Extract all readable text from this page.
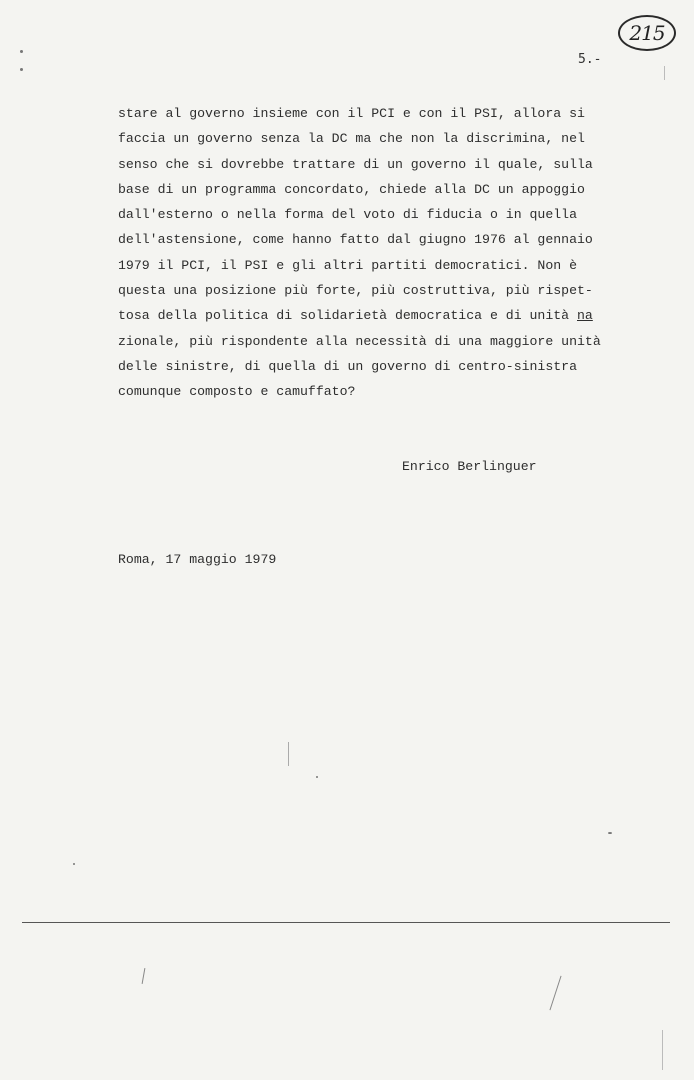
215
5.-
stare al governo insieme con il PCI e con il PSI, allora si
faccia un governo senza la DC ma che non la discrimina, nel
senso che si dovrebbe trattare di un governo il quale, sulla
base di un programma concordato, chiede alla DC un appoggio
dall'esterno o nella forma del voto di fiducia o in quella
dell'astensione, come hanno fatto dal giugno 1976 al gennaio
1979 il PCI, il PSI e gli altri partiti democratici. Non è
questa una posizione più forte, più costruttiva, più rispet-
tosa della politica di solidarietà democratica e di unità na
zionale, più rispondente alla necessità di una maggiore unità
delle sinistre, di quella di un governo di centro-sinistra
comunque composto e camuffato?
Enrico Berlinguer
Roma, 17 maggio 1979
